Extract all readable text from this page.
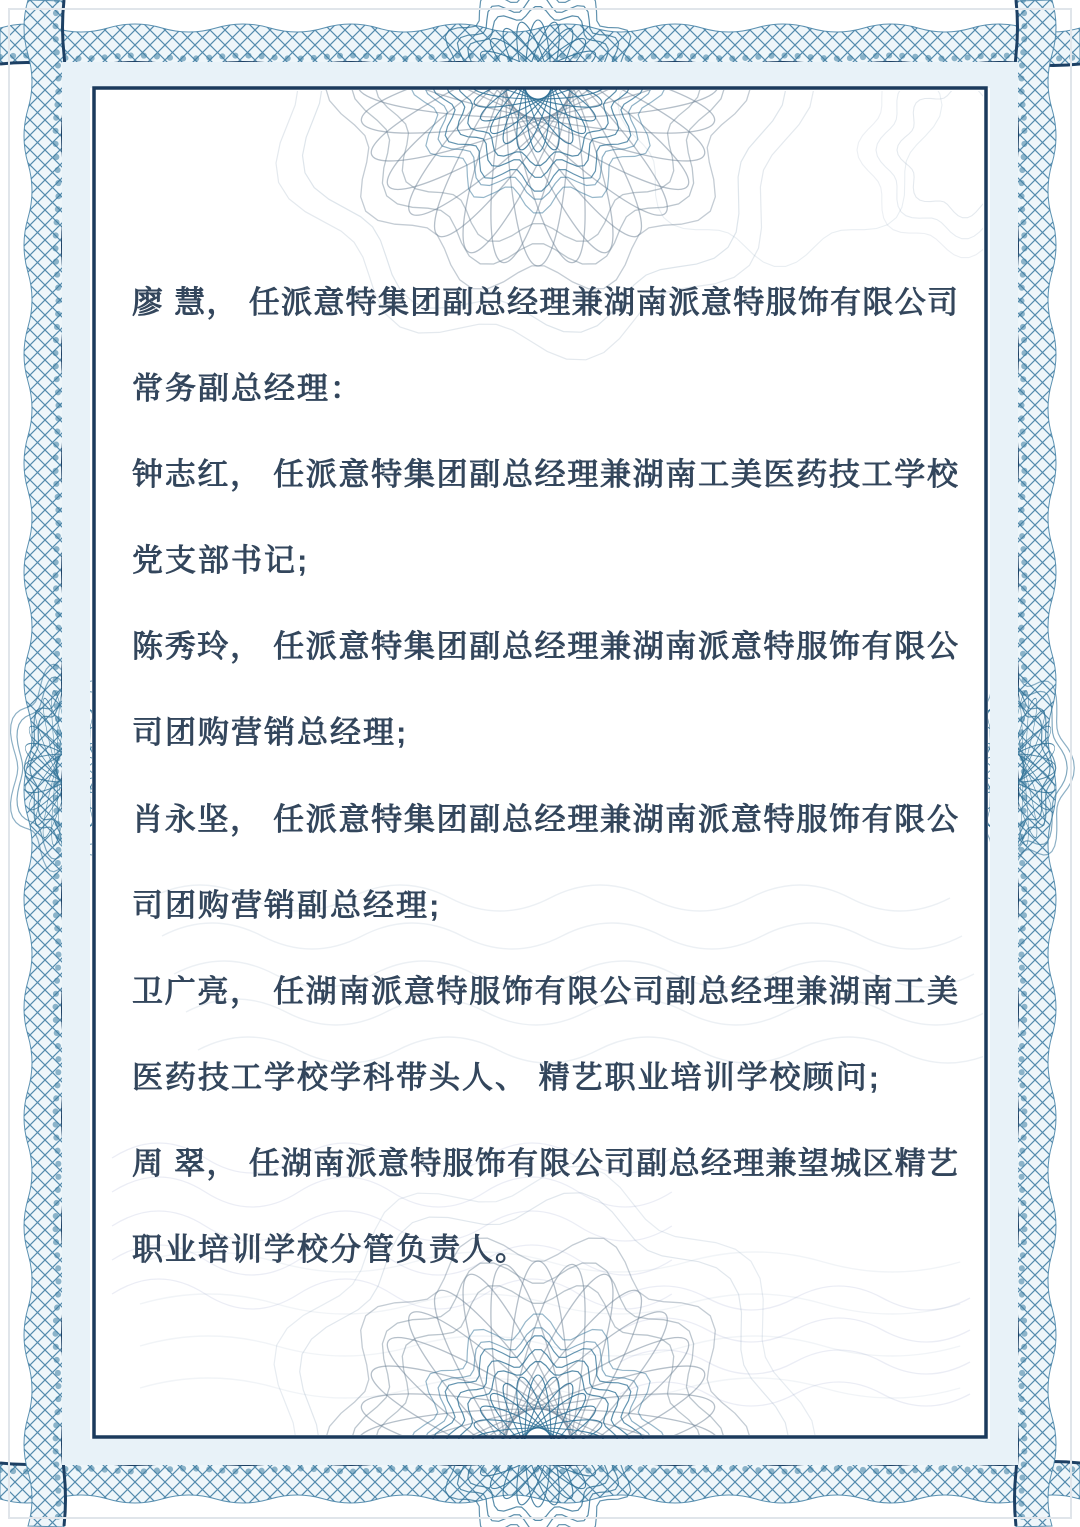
廖 慧， 任派意特集团副总经理兼湖南派意特服饰有限公司
常务副总经理：
钟志红， 任派意特集团副总经理兼湖南工美医药技工学校
党支部书记;
陈秀玲， 任派意特集团副总经理兼湖南派意特服饰有限公
司团购营销总经理;
肖永坚， 任派意特集团副总经理兼湖南派意特服饰有限公
司团购营销副总经理;
卫广亮， 任湖南派意特服饰有限公司副总经理兼湖南工美
医药技工学校学科带头人、 精艺职业培训学校顾问;
周 翠， 任湖南派意特服饰有限公司副总经理兼望城区精艺
职业培训学校分管负责人。
